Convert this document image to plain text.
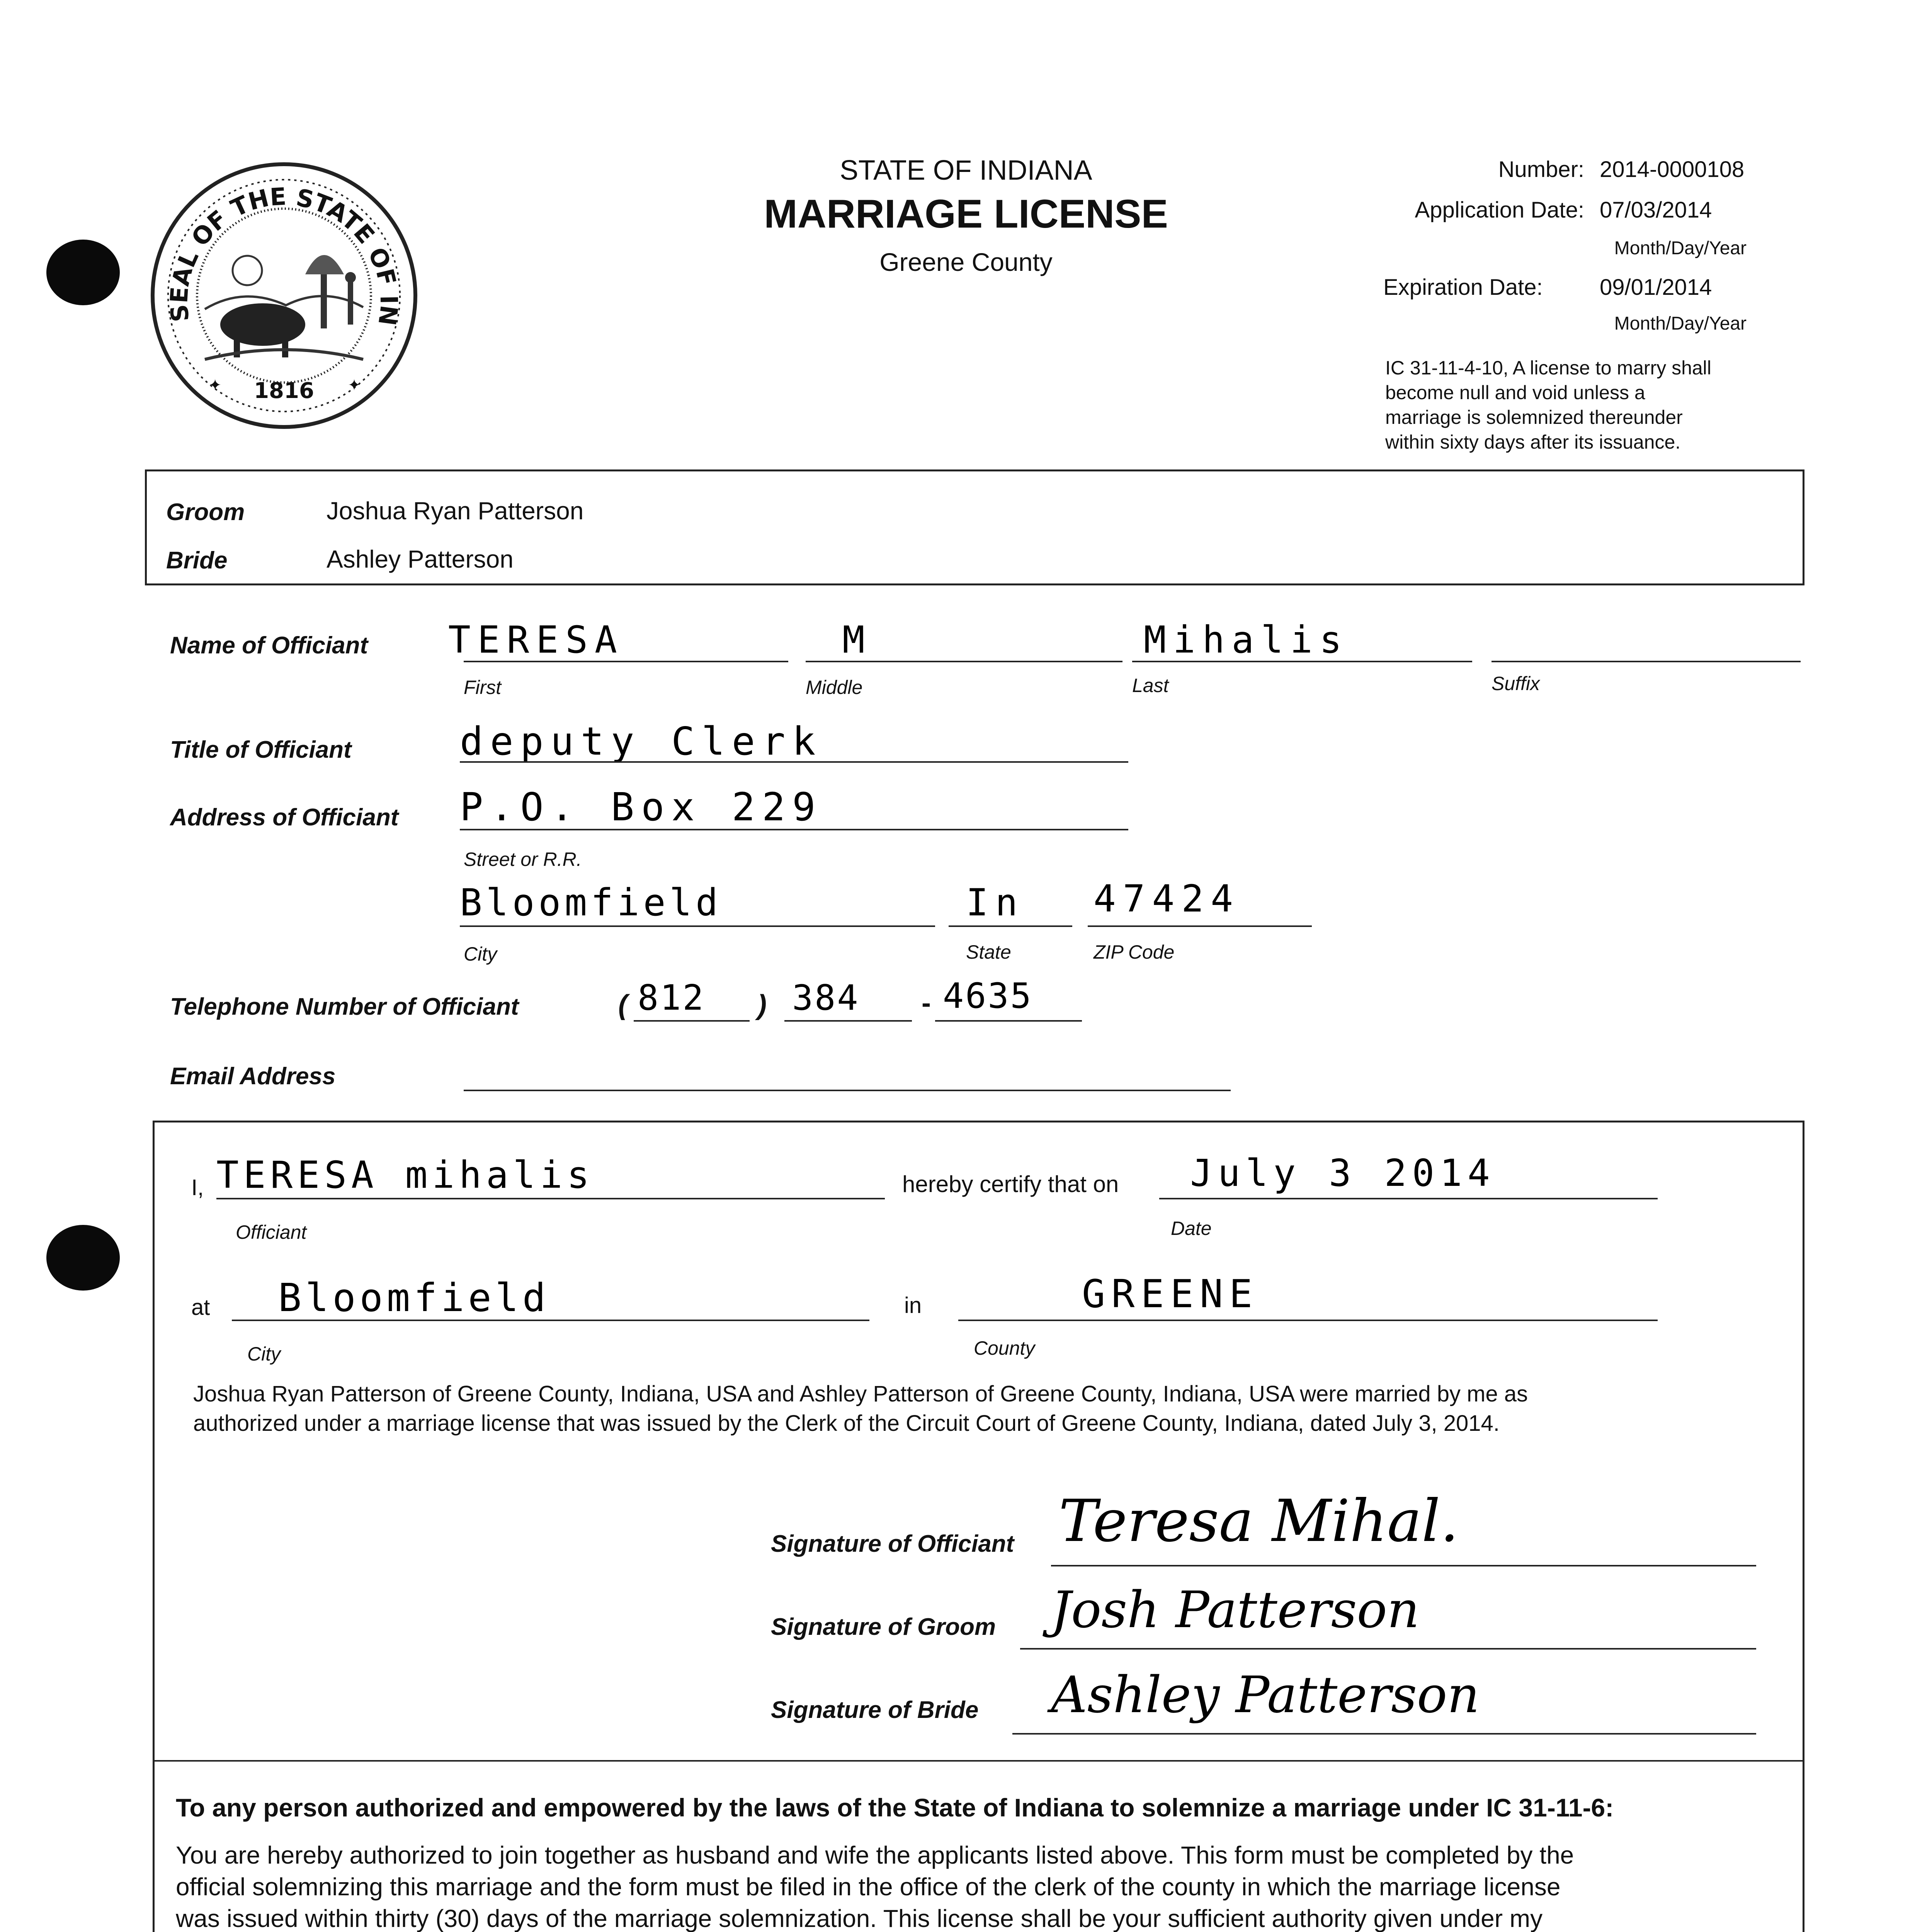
SEAL OF THE STATE OF IN
1816
✦	✦
STATE OF INDIANA
MARRIAGE LICENSE
Greene County
Number: 2014-0000108
Application Date: 07/03/2014
Month/Day/Year
Expiration Date:	09/01/2014
Month/Day/Year
IC 31-11-4-10, A license to marry shall
become null and void unless a
marriage is solemnized thereunder
within sixty days after its issuance.
Groom	Joshua Ryan Patterson
Bride	Ashley Patterson
Name of Officiant TERESA
First
M
Middle
Mihalis
Last	Suffix
Title of Officiant	deputy Clerk
Address of Officiant P.O. Box 229
Street or R.R.
Bloomfield
City
In
State
47424
ZIP Code
Telephone Number of Officiant	( 812 ) 384 - 4635
Email Address
I, TERESA mihalis
Officiant
hereby certify that on July 3 2014
Date
at Bloomfield
City
in	GREENE
County
Joshua Ryan Patterson of Greene County, Indiana, USA and Ashley Patterson of Greene County, Indiana, USA were married by me as
authorized under a marriage license that was issued by the Clerk of the Circuit Court of Greene County, Indiana, dated July 3, 2014.
Signature of Officiant Teresa Mihal.
Signature of Groom Josh Patterson
Signature of Bride Ashley Patterson
To any person authorized and empowered by the laws of the State of Indiana to solemnize a marriage under IC 31-11-6:
You are hereby authorized to join together as husband and wife the applicants listed above. This form must be completed by the
official solemnizing this marriage and the form must be filed in the office of the clerk of the county in which the marriage license
was issued within thirty (30) days of the marriage solemnization. This license shall be your sufficient authority given under my
